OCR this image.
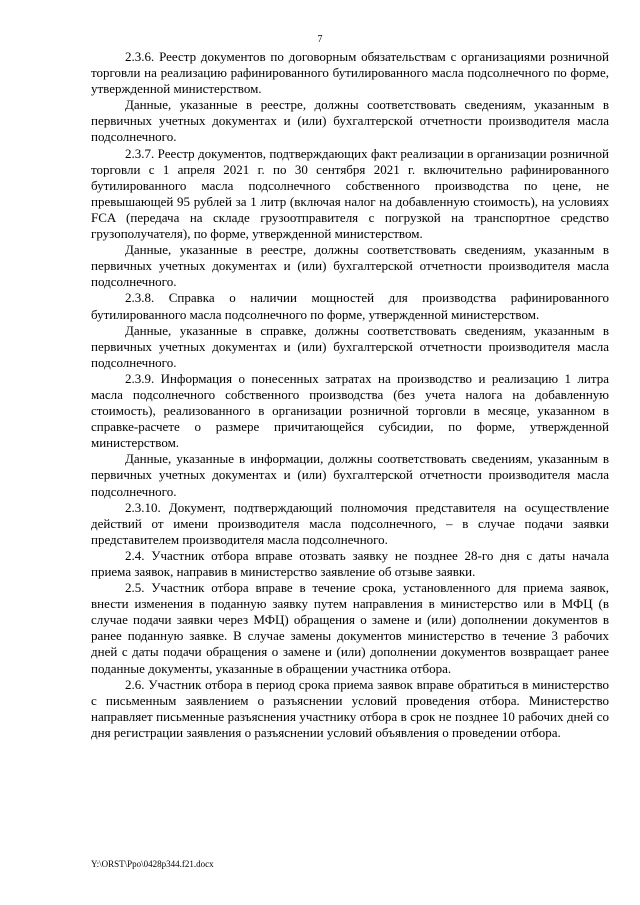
7

2.3.6. Реестр документов по договорным обязательствам с организациями розничной торговли на реализацию рафинированного бутилированного масла подсолнечного по форме, утвержденной министерством.

Данные, указанные в реестре, должны соответствовать сведениям, указанным в первичных учетных документах и (или) бухгалтерской отчетности производителя масла подсолнечного.

2.3.7. Реестр документов, подтверждающих факт реализации в организации розничной торговли с 1 апреля 2021 г. по 30 сентября 2021 г. включительно рафинированного бутилированного масла подсолнечного собственного производства по цене, не превышающей 95 рублей за 1 литр (включая налог на добавленную стоимость), на условиях FCA (передача на складе грузоотправителя с погрузкой на транспортное средство грузополучателя), по форме, утвержденной министерством.

Данные, указанные в реестре, должны соответствовать сведениям, указанным в первичных учетных документах и (или) бухгалтерской отчетности производителя масла подсолнечного.

2.3.8. Справка о наличии мощностей для производства рафинированного бутилированного масла подсолнечного по форме, утвержденной министерством.

Данные, указанные в справке, должны соответствовать сведениям, указанным в первичных учетных документах и (или) бухгалтерской отчетности производителя масла подсолнечного.

2.3.9. Информация о понесенных затратах на производство и реализацию 1 литра масла подсолнечного собственного производства (без учета налога на добавленную стоимость), реализованного в организации розничной торговли в месяце, указанном в справке-расчете о размере причитающейся субсидии, по форме, утвержденной министерством.

Данные, указанные в информации, должны соответствовать сведениям, указанным в первичных учетных документах и (или) бухгалтерской отчетности производителя масла подсолнечного.

2.3.10. Документ, подтверждающий полномочия представителя на осуществление действий от имени производителя масла подсолнечного, – в случае подачи заявки представителем производителя масла подсолнечного.

2.4. Участник отбора вправе отозвать заявку не позднее 28-го дня с даты начала приема заявок, направив в министерство заявление об отзыве заявки.

2.5. Участник отбора вправе в течение срока, установленного для приема заявок, внести изменения в поданную заявку путем направления в министерство или в МФЦ (в случае подачи заявки через МФЦ) обращения о замене и (или) дополнении документов в ранее поданную заявке. В случае замены документов министерство в течение 3 рабочих дней с даты подачи обращения о замене и (или) дополнении документов возвращает ранее поданные документы, указанные в обращении участника отбора.

2.6. Участник отбора в период срока приема заявок вправе обратиться в министерство с письменным заявлением о разъяснении условий проведения отбора. Министерство направляет письменные разъяснения участнику отбора в срок не позднее 10 рабочих дней со дня регистрации заявления о разъяснении условий объявления о проведении отбора.

Y:\ORST\Ppo\0428p344.f21.docx
